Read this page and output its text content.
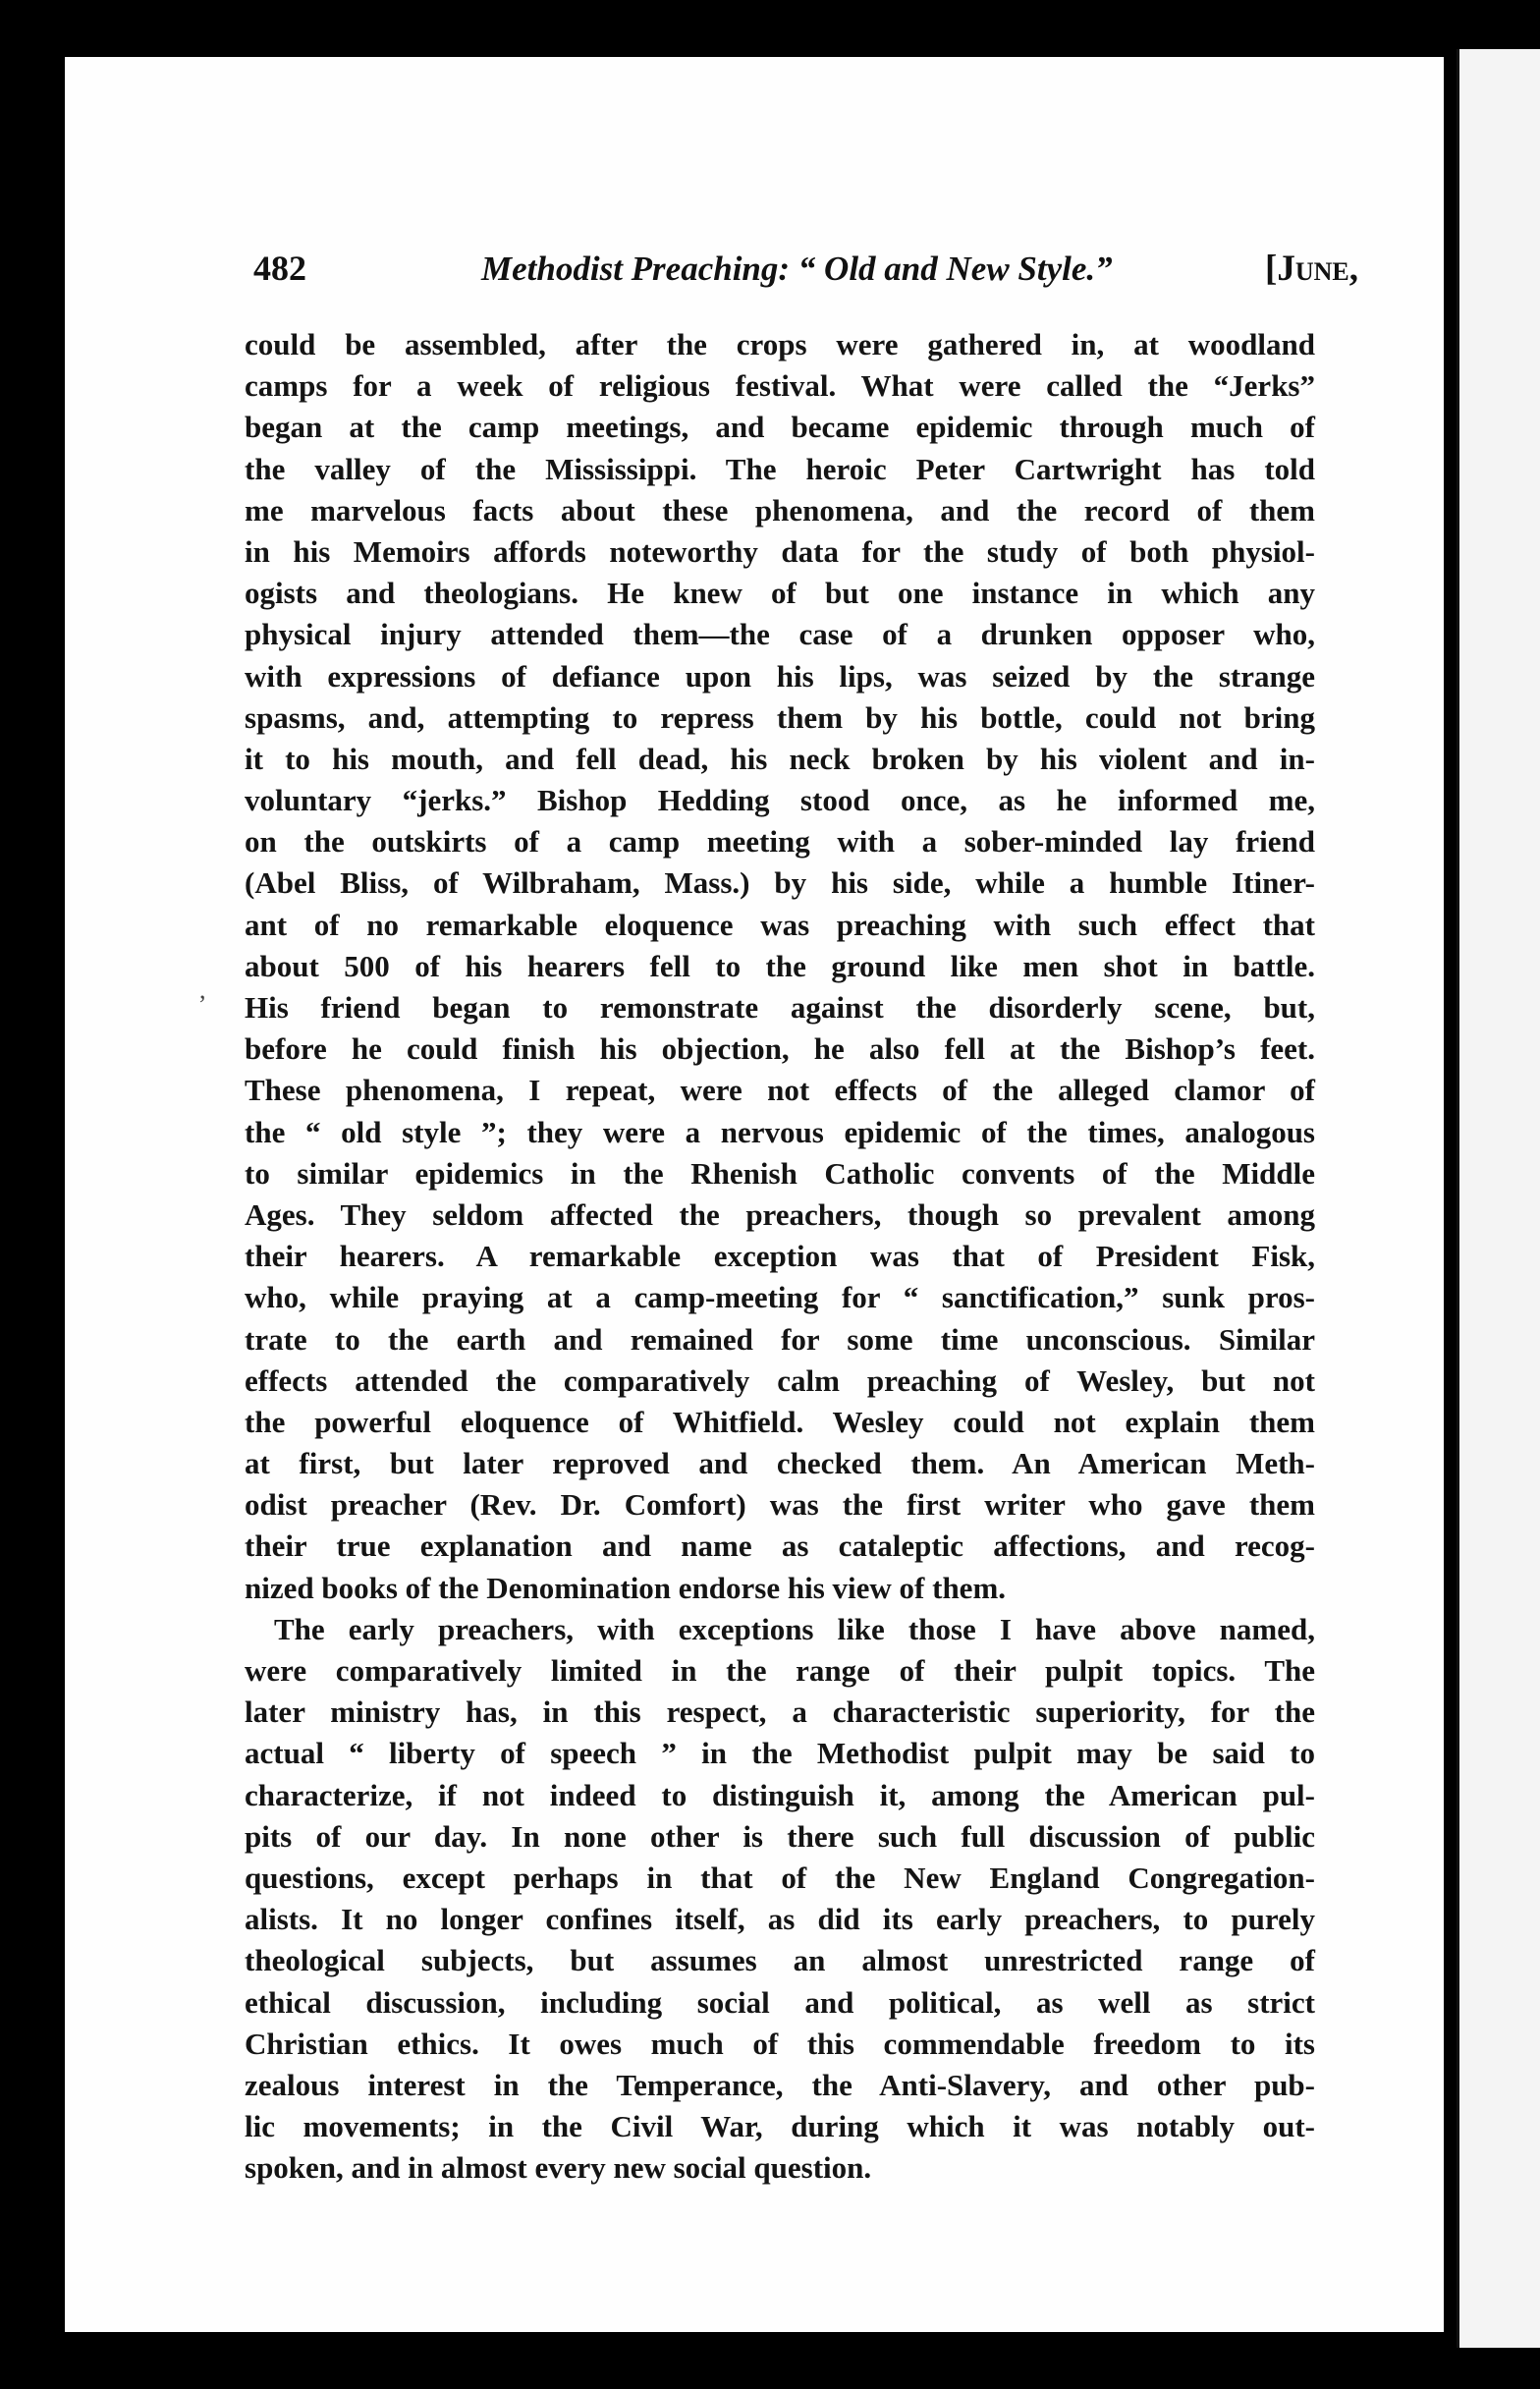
482	Methodist Preaching: “ Old and New Style.”	[June,
could be assembled, after the crops were gathered in, at woodland
camps for a week of religious festival. What were called the “Jerks”
began at the camp meetings, and became epidemic through much of
the valley of the Mississippi. The heroic Peter Cartwright has told
me marvelous facts about these phenomena, and the record of them
in his Memoirs affords noteworthy data for the study of both physiol-
ogists and theologians. He knew of but one instance in which any
physical injury attended them—the case of a drunken opposer who,
with expressions of defiance upon his lips, was seized by the strange
spasms, and, attempting to repress them by his bottle, could not bring
it to his mouth, and fell dead, his neck broken by his violent and in-
voluntary “jerks.” Bishop Hedding stood once, as he informed me,
on the outskirts of a camp meeting with a sober-minded lay friend
(Abel Bliss, of Wilbraham, Mass.) by his side, while a humble Itiner-
ant of no remarkable eloquence was preaching with such effect that
about 500 of his hearers fell to the ground like men shot in battle.
His friend began to remonstrate against the disorderly scene, but,
before he could finish his objection, he also fell at the Bishop’s feet.
These phenomena, I repeat, were not effects of the alleged clamor of
the “ old style ”; they were a nervous epidemic of the times, analogous
to similar epidemics in the Rhenish Catholic convents of the Middle
Ages. They seldom affected the preachers, though so prevalent among
their hearers. A remarkable exception was that of President Fisk,
who, while praying at a camp-meeting for “ sanctification,” sunk pros-
trate to the earth and remained for some time unconscious. Similar
effects attended the comparatively calm preaching of Wesley, but not
the powerful eloquence of Whitfield. Wesley could not explain them
at first, but later reproved and checked them. An American Meth-
odist preacher (Rev. Dr. Comfort) was the first writer who gave them
their true explanation and name as cataleptic affections, and recog-
nized books of the Denomination endorse his view of them.
The early preachers, with exceptions like those I have above named,
were comparatively limited in the range of their pulpit topics. The
later ministry has, in this respect, a characteristic superiority, for the
actual “ liberty of speech ” in the Methodist pulpit may be said to
characterize, if not indeed to distinguish it, among the American pul-
pits of our day. In none other is there such full discussion of public
questions, except perhaps in that of the New England Congregation-
alists. It no longer confines itself, as did its early preachers, to purely
theological subjects, but assumes an almost unrestricted range of
ethical discussion, including social and political, as well as strict
Christian ethics. It owes much of this commendable freedom to its
zealous interest in the Temperance, the Anti-Slavery, and other pub-
lic movements; in the Civil War, during which it was notably out-
spoken, and in almost every new social question.
,
